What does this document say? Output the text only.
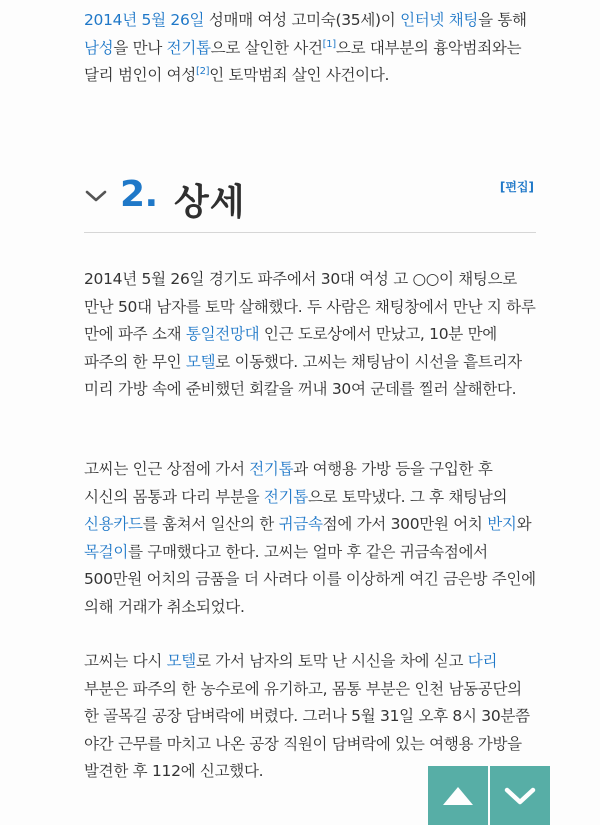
2014년 5월 26일 성매매 여성 고미숙(35세)이 인터넷 채팅을 통해 남성을 만나 전기톱으로 살인한 사건[1]으로 대부분의 흉악범죄와는 달리 범인이 여성[2]인 토막범죄 살인 사건이다.

2. 상세	[편집]

2014년 5월 26일 경기도 파주에서 30대 여성 고 ○○이 채팅으로 만난 50대 남자를 토막 살해했다. 두 사람은 채팅창에서 만난 지 하루 만에 파주 소재 통일전망대 인근 도로상에서 만났고, 10분 만에 파주의 한 무인 모텔로 이동했다. 고씨는 채팅남이 시선을 흩트리자 미리 가방 속에 준비했던 회칼을 꺼내 30여 군데를 찔러 살해한다.

고씨는 인근 상점에 가서 전기톱과 여행용 가방 등을 구입한 후 시신의 몸통과 다리 부분을 전기톱으로 토막냈다. 그 후 채팅남의 신용카드를 훔쳐서 일산의 한 귀금속점에 가서 300만원 어치 반지와 목걸이를 구매했다고 한다. 고씨는 얼마 후 같은 귀금속점에서 500만원 어치의 금품을 더 사려다 이를 이상하게 여긴 금은방 주인에 의해 거래가 취소되었다.

고씨는 다시 모텔로 가서 남자의 토막 난 시신을 차에 싣고 다리 부분은 파주의 한 농수로에 유기하고, 몸통 부분은 인천 남동공단의 한 골목길 공장 담벼락에 버렸다. 그러나 5월 31일 오후 8시 30분쯤 야간 근무를 마치고 나온 공장 직원이 담벼락에 있는 여행용 가방을 발견한 후 112에 신고했다.
